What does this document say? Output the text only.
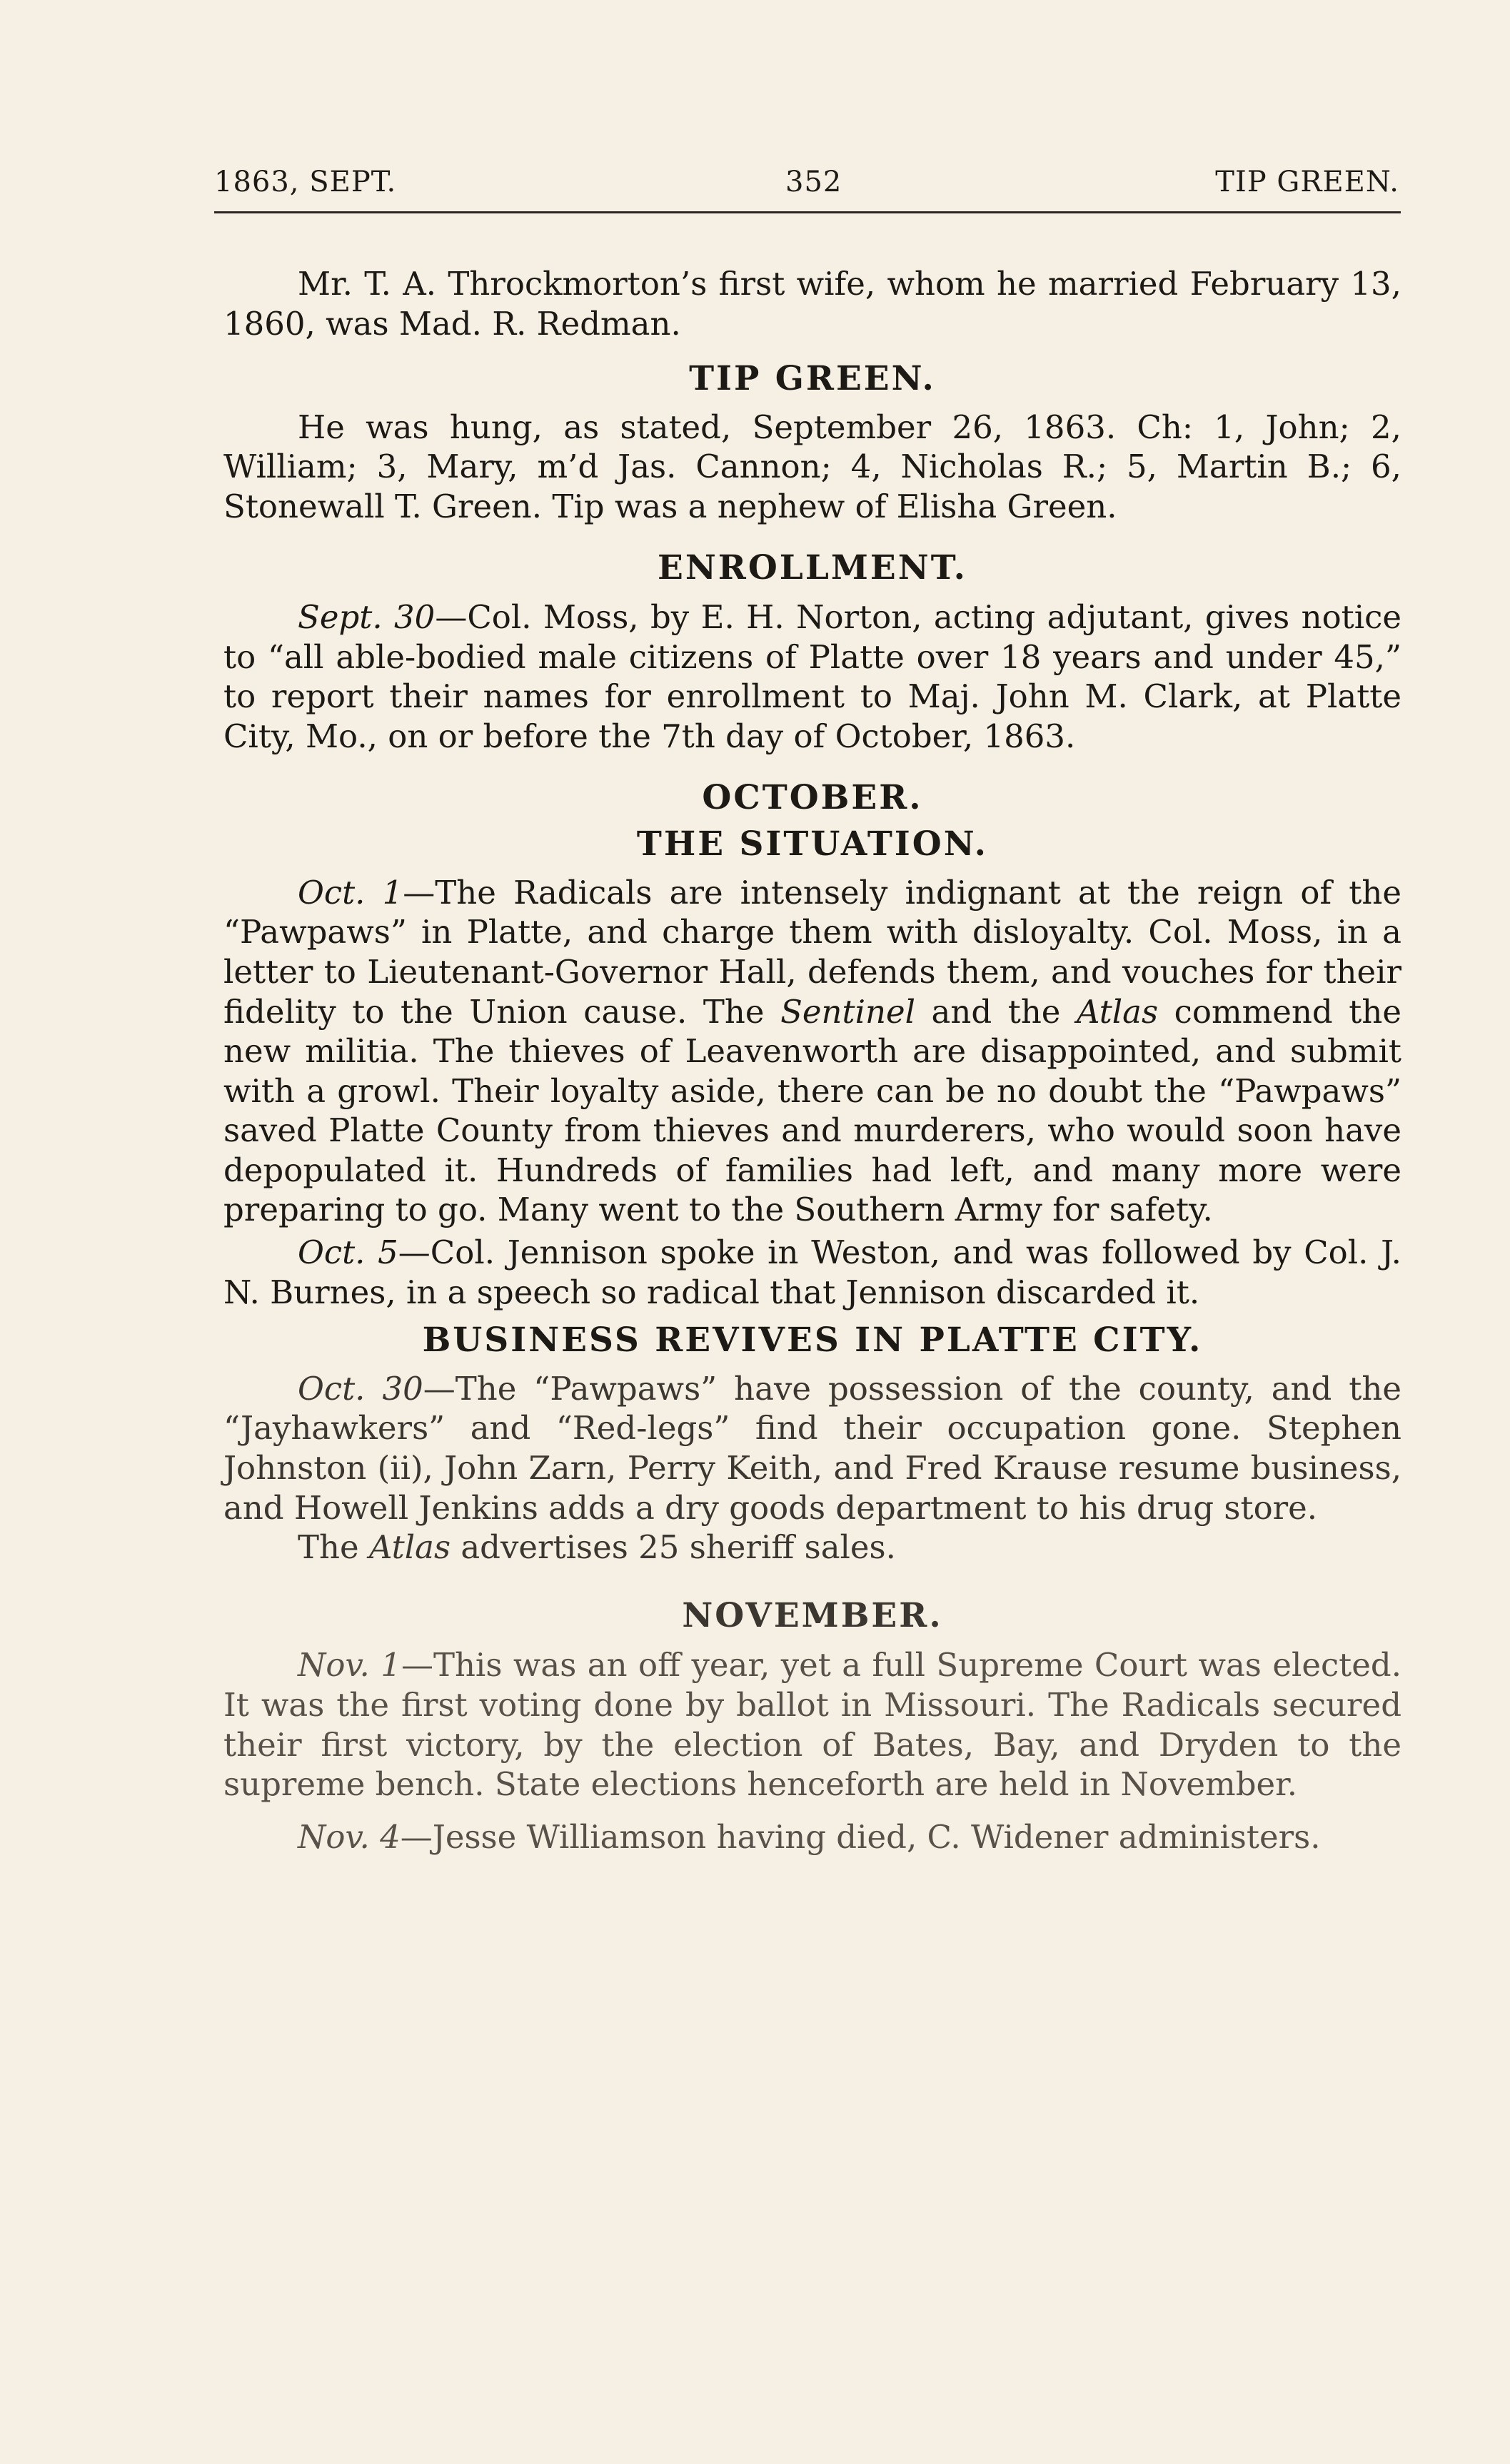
1863, SEPT.	352	TIP GREEN.

Mr. T. A. Throckmorton’s first wife, whom he married February 13, 1860, was Mad. R. Redman.

TIP GREEN.

He was hung, as stated, September 26, 1863. Ch: 1, John; 2, William; 3, Mary, m’d Jas. Cannon; 4, Nicholas R.; 5, Martin B.; 6, Stonewall T. Green. Tip was a nephew of Elisha Green.

ENROLLMENT.

Sept. 30—Col. Moss, by E. H. Norton, acting adjutant, gives notice to “all able-bodied male citizens of Platte over 18 years and under 45,” to report their names for enrollment to Maj. John M. Clark, at Platte City, Mo., on or before the 7th day of October, 1863.

OCTOBER.
THE SITUATION.

Oct. 1—The Radicals are intensely indignant at the reign of the “Pawpaws” in Platte, and charge them with disloyalty. Col. Moss, in a letter to Lieutenant-Governor Hall, defends them, and vouches for their fidelity to the Union cause. The Sentinel and the Atlas commend the new militia. The thieves of Leavenworth are disappointed, and submit with a growl. Their loyalty aside, there can be no doubt the “Pawpaws” saved Platte County from thieves and murderers, who would soon have depopulated it. Hundreds of families had left, and many more were preparing to go. Many went to the Southern Army for safety.

Oct. 5—Col. Jennison spoke in Weston, and was followed by Col. J. N. Burnes, in a speech so radical that Jennison discarded it.

BUSINESS REVIVES IN PLATTE CITY.

Oct. 30—The “Pawpaws” have possession of the county, and the “Jayhawkers” and “Red-legs” find their occupation gone. Stephen Johnston (ii), John Zarn, Perry Keith, and Fred Krause resume business, and Howell Jenkins adds a dry goods department to his drug store.

The Atlas advertises 25 sheriff sales.

NOVEMBER.

Nov. 1—This was an off year, yet a full Supreme Court was elected. It was the first voting done by ballot in Missouri. The Radicals secured their first victory, by the election of Bates, Bay, and Dryden to the supreme bench. State elections henceforth are held in November.

Nov. 4—Jesse Williamson having died, C. Widener administers.
